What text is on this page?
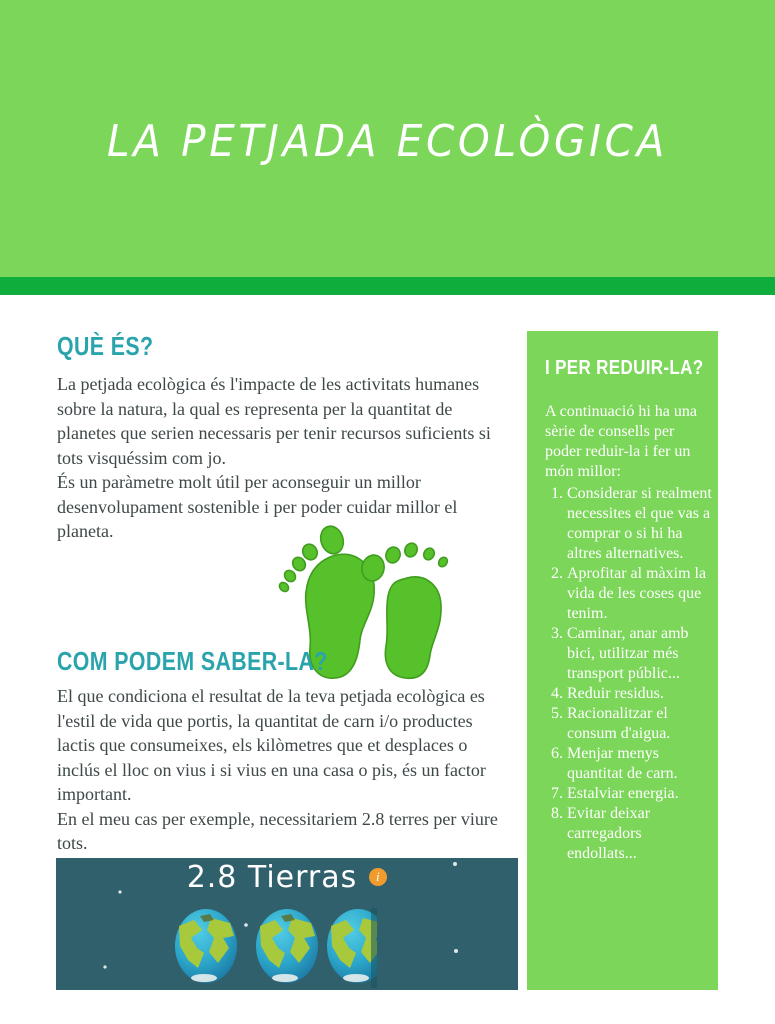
LA PETJADA ECOLÒGICA
QUÈ ÉS?

La petjada ecològica és l'impacte de les activitats humanes sobre la natura, la qual es representa per la quantitat de planetes que serien necessaris per tenir recursos suficients si tots visquéssim com jo.

És un paràmetre molt útil per aconseguir un millor desenvolupament sostenible i per poder cuidar millor el planeta.

COM PODEM SABER-LA?

El que condiciona el resultat de la teva petjada ecològica es l'estil de vida que portis, la quantitat de carn i/o productes lactis que consumeixes, els kilòmetres que et desplaces o inclús el lloc on vius i si vius en una casa o pis, és un factor important.

En el meu cas per exemple, necessitariem 2.8 terres per viure tots.

2.8 Tierras i
I PER REDUIR-LA?

A continuació hi ha una sèrie de consells per poder reduir-la i fer un món millor:

1. Considerar si realment necessites el que vas a comprar o si hi ha altres alternatives.
2. Aprofitar al màxim la vida de les coses que tenim.
3. Caminar, anar amb bici, utilitzar més transport públic...
4. Reduir residus.
5. Racionalitzar el consum d'aigua.
6. Menjar menys quantitat de carn.
7. Estalviar energia.
8. Evitar deixar carregadors endollats...
